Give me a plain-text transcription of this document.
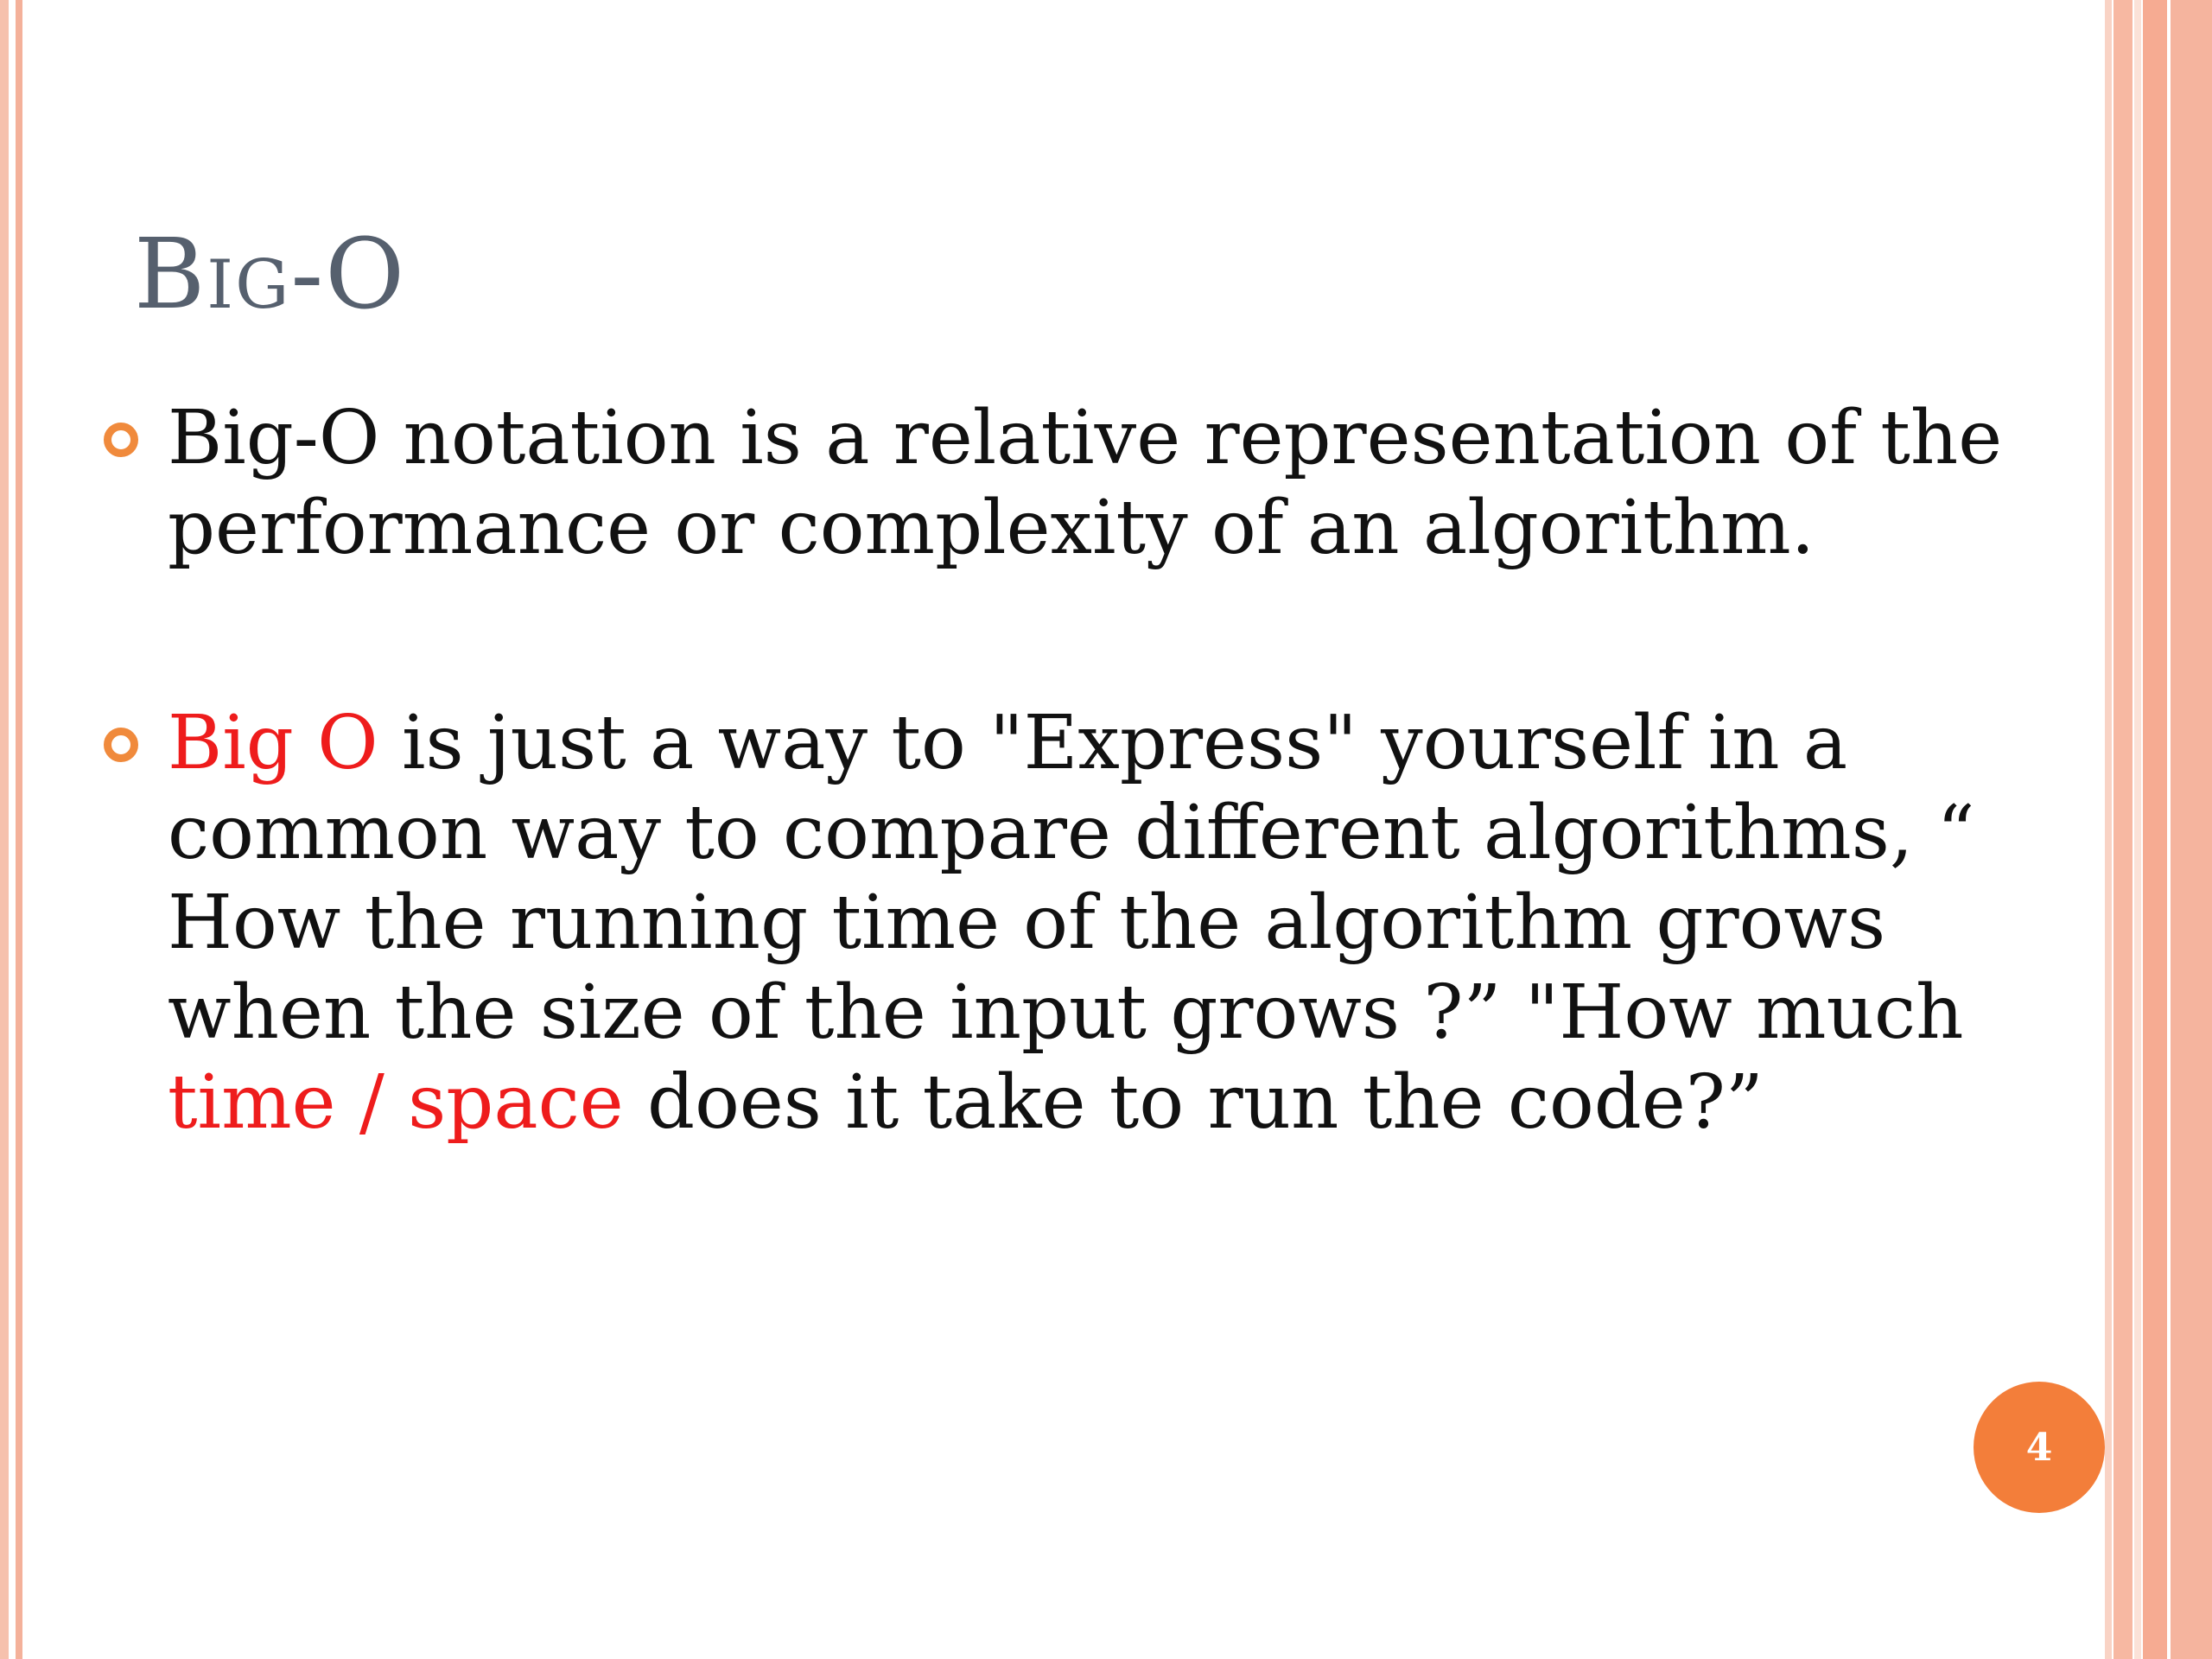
Big-O
Big-O notation is a relative representation of the
performance or complexity of an algorithm.
Big O is just a way to "Express" yourself in a
common way to compare different algorithms, “
How the running time of the algorithm grows
when the size of the input grows ?” "How much
time / space does it take to run the code?”
4
